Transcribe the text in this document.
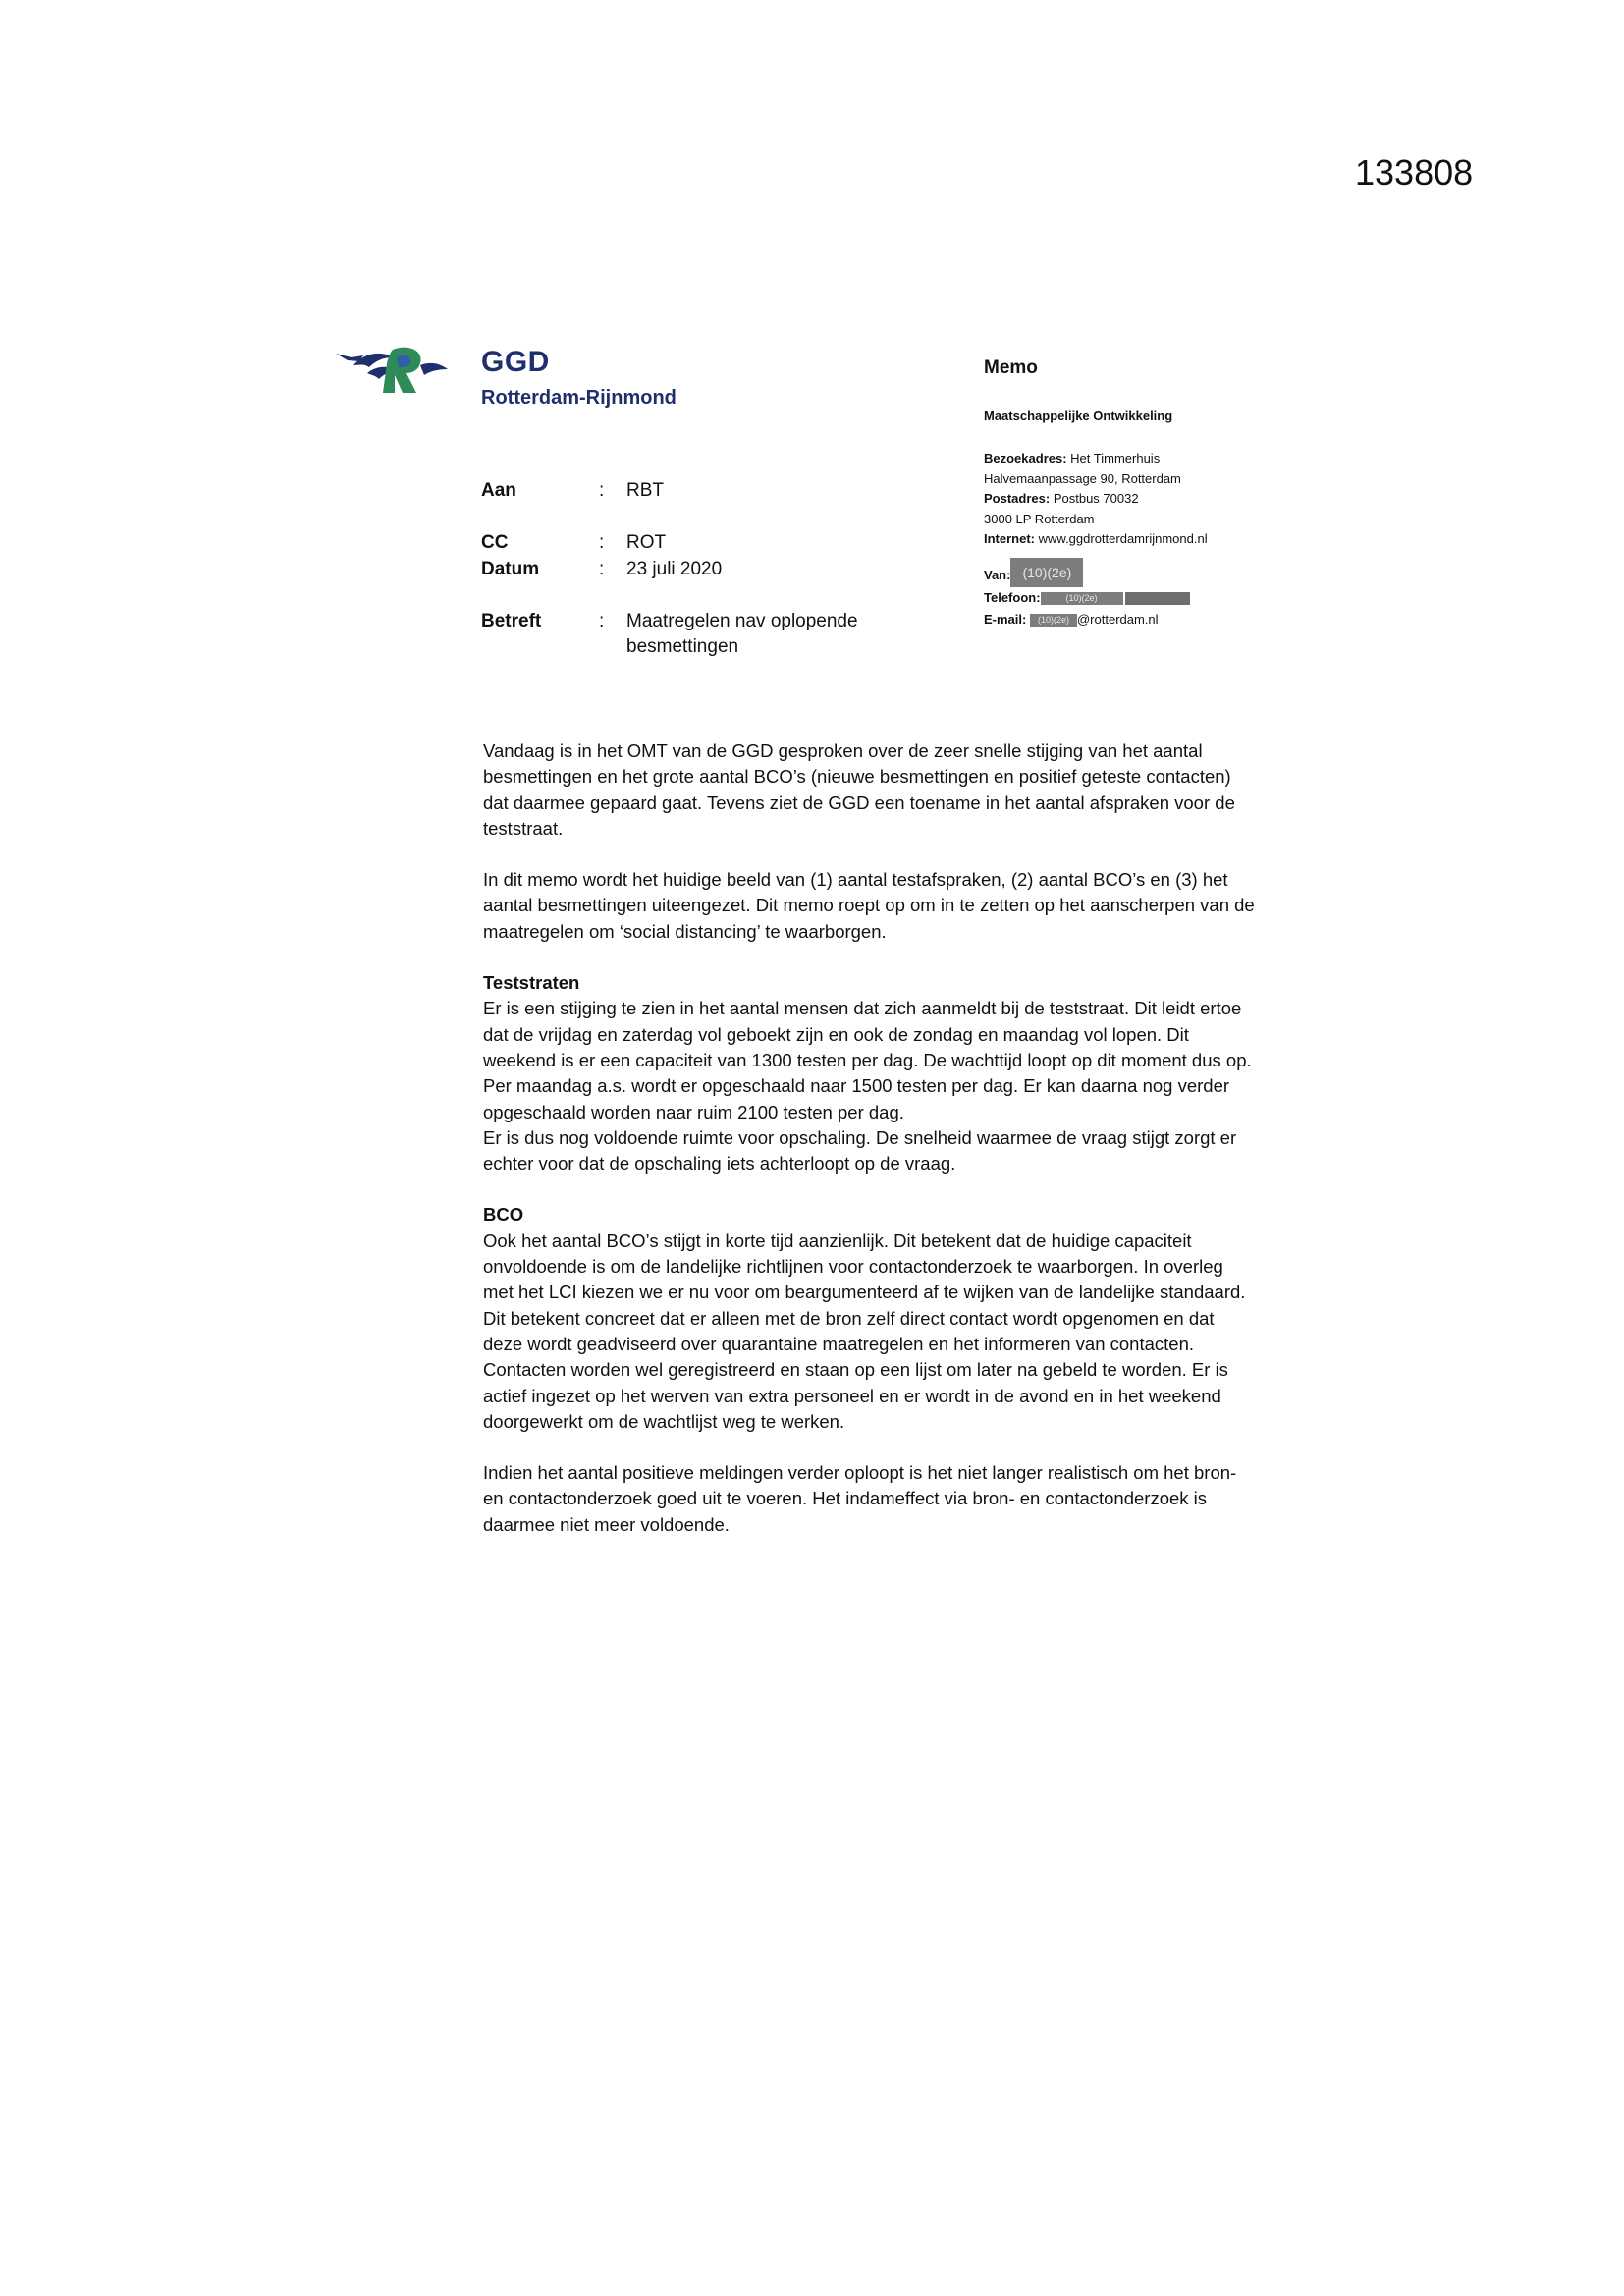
133808
GGD
Rotterdam-Rijnmond
Aan	: RBT
CC	: ROT
Datum	: 23 juli 2020
Betreft	: Maatregelen nav oplopende besmettingen
Memo
Maatschappelijke Ontwikkeling
Bezoekadres: Het Timmerhuis
Halvemaanpassage 90, Rotterdam
Postadres: Postbus 70032
3000 LP Rotterdam
Internet: www.ggdrotterdamrijnmond.nl
Van: (10)(2e)
Telefoon:	(10)(2e)
E-mail: (10)(2e) @rotterdam.nl

Vandaag is in het OMT van de GGD gesproken over de zeer snelle stijging van het aantal besmettingen en het grote aantal BCO’s (nieuwe besmettingen en positief geteste contacten) dat daarmee gepaard gaat. Tevens ziet de GGD een toename in het aantal afspraken voor de teststraat.

In dit memo wordt het huidige beeld van (1) aantal testafspraken, (2) aantal BCO’s en (3) het aantal besmettingen uiteengezet. Dit memo roept op om in te zetten op het aanscherpen van de maatregelen om ‘social distancing’ te waarborgen.

Teststraten
Er is een stijging te zien in het aantal mensen dat zich aanmeldt bij de teststraat. Dit leidt ertoe dat de vrijdag en zaterdag vol geboekt zijn en ook de zondag en maandag vol lopen. Dit weekend is er een capaciteit van 1300 testen per dag. De wachttijd loopt op dit moment dus op. Per maandag a.s. wordt er opgeschaald naar 1500 testen per dag. Er kan daarna nog verder opgeschaald worden naar ruim 2100 testen per dag.
Er is dus nog voldoende ruimte voor opschaling. De snelheid waarmee de vraag stijgt zorgt er echter voor dat de opschaling iets achterloopt op de vraag.
BCO
Ook het aantal BCO’s stijgt in korte tijd aanzienlijk. Dit betekent dat de huidige capaciteit onvoldoende is om de landelijke richtlijnen voor contactonderzoek te waarborgen. In overleg met het LCI kiezen we er nu voor om beargumenteerd af te wijken van de landelijke standaard. Dit betekent concreet dat er alleen met de bron zelf direct contact wordt opgenomen en dat deze wordt geadviseerd over quarantaine maatregelen en het informeren van contacten. Contacten worden wel geregistreerd en staan op een lijst om later na gebeld te worden. Er is actief ingezet op het werven van extra personeel en er wordt in de avond en in het weekend doorgewerkt om de wachtlijst weg te werken.

Indien het aantal positieve meldingen verder oploopt is het niet langer realistisch om het bron- en contactonderzoek goed uit te voeren. Het indameffect via bron- en contactonderzoek is daarmee niet meer voldoende.
